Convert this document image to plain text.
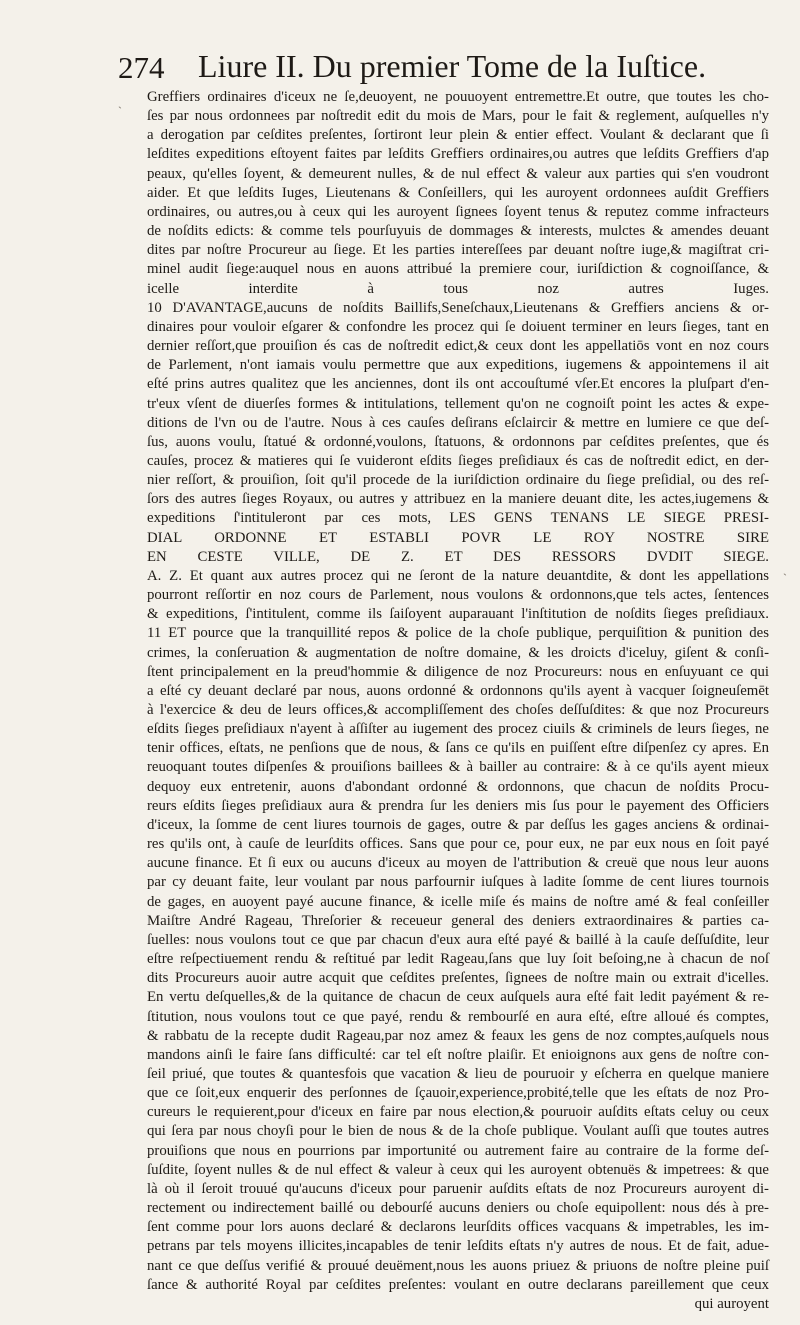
274 Liure II. Du premier Tome de la Iuſtice.
Greffiers ordinaires d'iceux ne ſe,deuoyent, ne pouuoyent entremettre.Et outre, que toutes les cho-
ſes par nous ordonnees par noſtredit edit du mois de Mars, pour le fait & reglement, auſquelles n'y
a derogation par ceſdites preſentes, ſortiront leur plein & entier effect. Voulant & declarant que ſi
leſdites expeditions eſtoyent faites par leſdits Greffiers ordinaires,ou autres que leſdits Greffiers d'ap
peaux, qu'elles ſoyent, & demeurent nulles, & de nul effect & valeur aux parties qui s'en voudront
aider. Et que leſdits Iuges, Lieutenans & Conſeillers, qui les auroyent ordonnees auſdit Greffiers
ordinaires, ou autres,ou à ceux qui les auroyent ſignees ſoyent tenus & reputez comme infracteurs
de noſdits edicts: & comme tels pourſuyuis de dommages & interests, mulctes & amendes deuant
dites par noſtre Procureur au ſiege. Et les parties intereſſees par deuant noſtre iuge,& magiſtrat cri-
minel audit ſiege:auquel nous en auons attribué la premiere cour, iuriſdiction & cognoiſſance, &
icelle interdite à tous noz autres Iuges.
10 D'AVANTAGE,aucuns de noſdits Baillifs,Seneſchaux,Lieutenans & Greffiers anciens & or-
dinaires pour vouloir eſgarer & confondre les procez qui ſe doiuent terminer en leurs ſieges, tant en
dernier reſſort,que prouiſion és cas de noſtredit edict,& ceux dont les appellatiōs vont en noz cours
de Parlement, n'ont iamais voulu permettre que aux expeditions, iugemens & appointemens il ait
eſté prins autres qualitez que les anciennes, dont ils ont accouſtumé vſer.Et encores la pluſpart d'en-
tr'eux vſent de diuerſes formes & intitulations, tellement qu'on ne cognoiſt point les actes & expe-
ditions de l'vn ou de l'autre. Nous à ces cauſes deſirans eſclaircir & mettre en lumiere ce que deſ-
ſus, auons voulu, ſtatué & ordonné,voulons, ſtatuons, & ordonnons par ceſdites preſentes, que és
cauſes, procez & matieres qui ſe vuideront eſdits ſieges preſidiaux és cas de noſtredit edict, en der-
nier reſſort, & prouiſion, ſoit qu'il procede de la iuriſdiction ordinaire du ſiege preſidial, ou des reſ-
ſors des autres ſieges Royaux, ou autres y attribuez en la maniere deuant dite, les actes,iugemens &
expeditions ſ'intituleront par ces mots, LES GENS TENANS LE SIEGE PRESI-
DIAL ORDONNE ET ESTABLI POVR LE ROY NOSTRE SIRE
EN CESTE VILLE, DE Z. ET DES RESSORS DVDIT SIEGE.
A. Z. Et quant aux autres procez qui ne ſeront de la nature deuantdite, & dont les appellations
pourront reſſortir en noz cours de Parlement, nous voulons & ordonnons,que tels actes, ſentences
& expeditions, ſ'intitulent, comme ils ſaiſoyent auparauant l'inſtitution de noſdits ſieges preſidiaux.
11 ET pource que la tranquillité repos & police de la choſe publique, perquiſition & punition des
crimes, la conſeruation & augmentation de noſtre domaine, & les droicts d'iceluy, giſent & conſi-
ſtent principalement en la preud'hommie & diligence de noz Procureurs: nous en enſuyuant ce qui
a eſté cy deuant declaré par nous, auons ordonné & ordonnons qu'ils ayent à vacquer ſoigneuſemēt
à l'exercice & deu de leurs offices,& accompliſſement des choſes deſſuſdites: & que noz Procureurs
eſdits ſieges preſidiaux n'ayent à aſſiſter au iugement des procez ciuils & criminels de leurs ſieges, ne
tenir offices, eſtats, ne penſions que de nous, & ſans ce qu'ils en puiſſent eſtre diſpenſez cy apres. En
reuoquant toutes diſpenſes & prouiſions baillees & à bailler au contraire: & à ce qu'ils ayent mieux
dequoy eux entretenir, auons d'abondant ordonné & ordonnons, que chacun de noſdits Procu-
reurs eſdits ſieges preſidiaux aura & prendra ſur les deniers mis ſus pour le payement des Officiers
d'iceux, la ſomme de cent liures tournois de gages, outre & par deſſus les gages anciens & ordinai-
res qu'ils ont, à cauſe de leurſdits offices. Sans que pour ce, pour eux, ne par eux nous en ſoit payé
aucune finance. Et ſi eux ou aucuns d'iceux au moyen de l'attribution & creuë que nous leur auons
par cy deuant faite, leur voulant par nous parfournir iuſques à ladite ſomme de cent liures tournois
de gages, en auoyent payé aucune finance, & icelle miſe és mains de noſtre amé & feal conſeiller
Maiſtre André Rageau, Threſorier & receueur general des deniers extraordinaires & parties ca-
ſuelles: nous voulons tout ce que par chacun d'eux aura eſté payé & baillé à la cauſe deſſuſdite, leur
eſtre reſpectiuement rendu & reſtitué par ledit Rageau,ſans que luy ſoit beſoing,ne à chacun de noſ
dits Procureurs auoir autre acquit que ceſdites preſentes, ſignees de noſtre main ou extrait d'icelles.
En vertu deſquelles,& de la quitance de chacun de ceux auſquels aura eſté fait ledit payément & re-
ſtitution, nous voulons tout ce que payé, rendu & rembourſé en aura eſté, eſtre alloué és comptes,
& rabbatu de la recepte dudit Rageau,par noz amez & feaux les gens de noz comptes,auſquels nous
mandons ainſi le faire ſans difficulté: car tel eſt noſtre plaiſir. Et enioignons aux gens de noſtre con-
ſeil priué, que toutes & quantesfois que vacation & lieu de pouruoir y eſcherra en quelque maniere
que ce ſoit,eux enquerir des perſonnes de ſçauoir,experience,probité,telle que les eſtats de noz Pro-
cureurs le requierent,pour d'iceux en faire par nous election,& pouruoir auſdits eſtats celuy ou ceux
qui ſera par nous choyſi pour le bien de nous & de la choſe publique. Voulant auſſi que toutes autres
prouiſions que nous en pourrions par importunité ou autrement faire au contraire de la forme deſ-
ſuſdite, ſoyent nulles & de nul effect & valeur à ceux qui les auroyent obtenuës & impetrees: & que
là où il ſeroit trouué qu'aucuns d'iceux pour paruenir auſdits eſtats de noz Procureurs auroyent di-
rectement ou indirectement baillé ou debourſé aucuns deniers ou choſe equipollent: nous dés à pre-
ſent comme pour lors auons declaré & declarons leurſdits offices vacquans & impetrables, les im-
petrans par tels moyens illicites,incapables de tenir leſdits eſtats n'y autres de nous. Et de fait, adue-
nant ce que deſſus verifié & prouué deuëment,nous les auons priuez & priuons de noſtre pleine puiſ
ſance & authorité Royal par ceſdites preſentes: voulant en outre declarans pareillement que ceux
qui auroyent
ˏ
ˎ
